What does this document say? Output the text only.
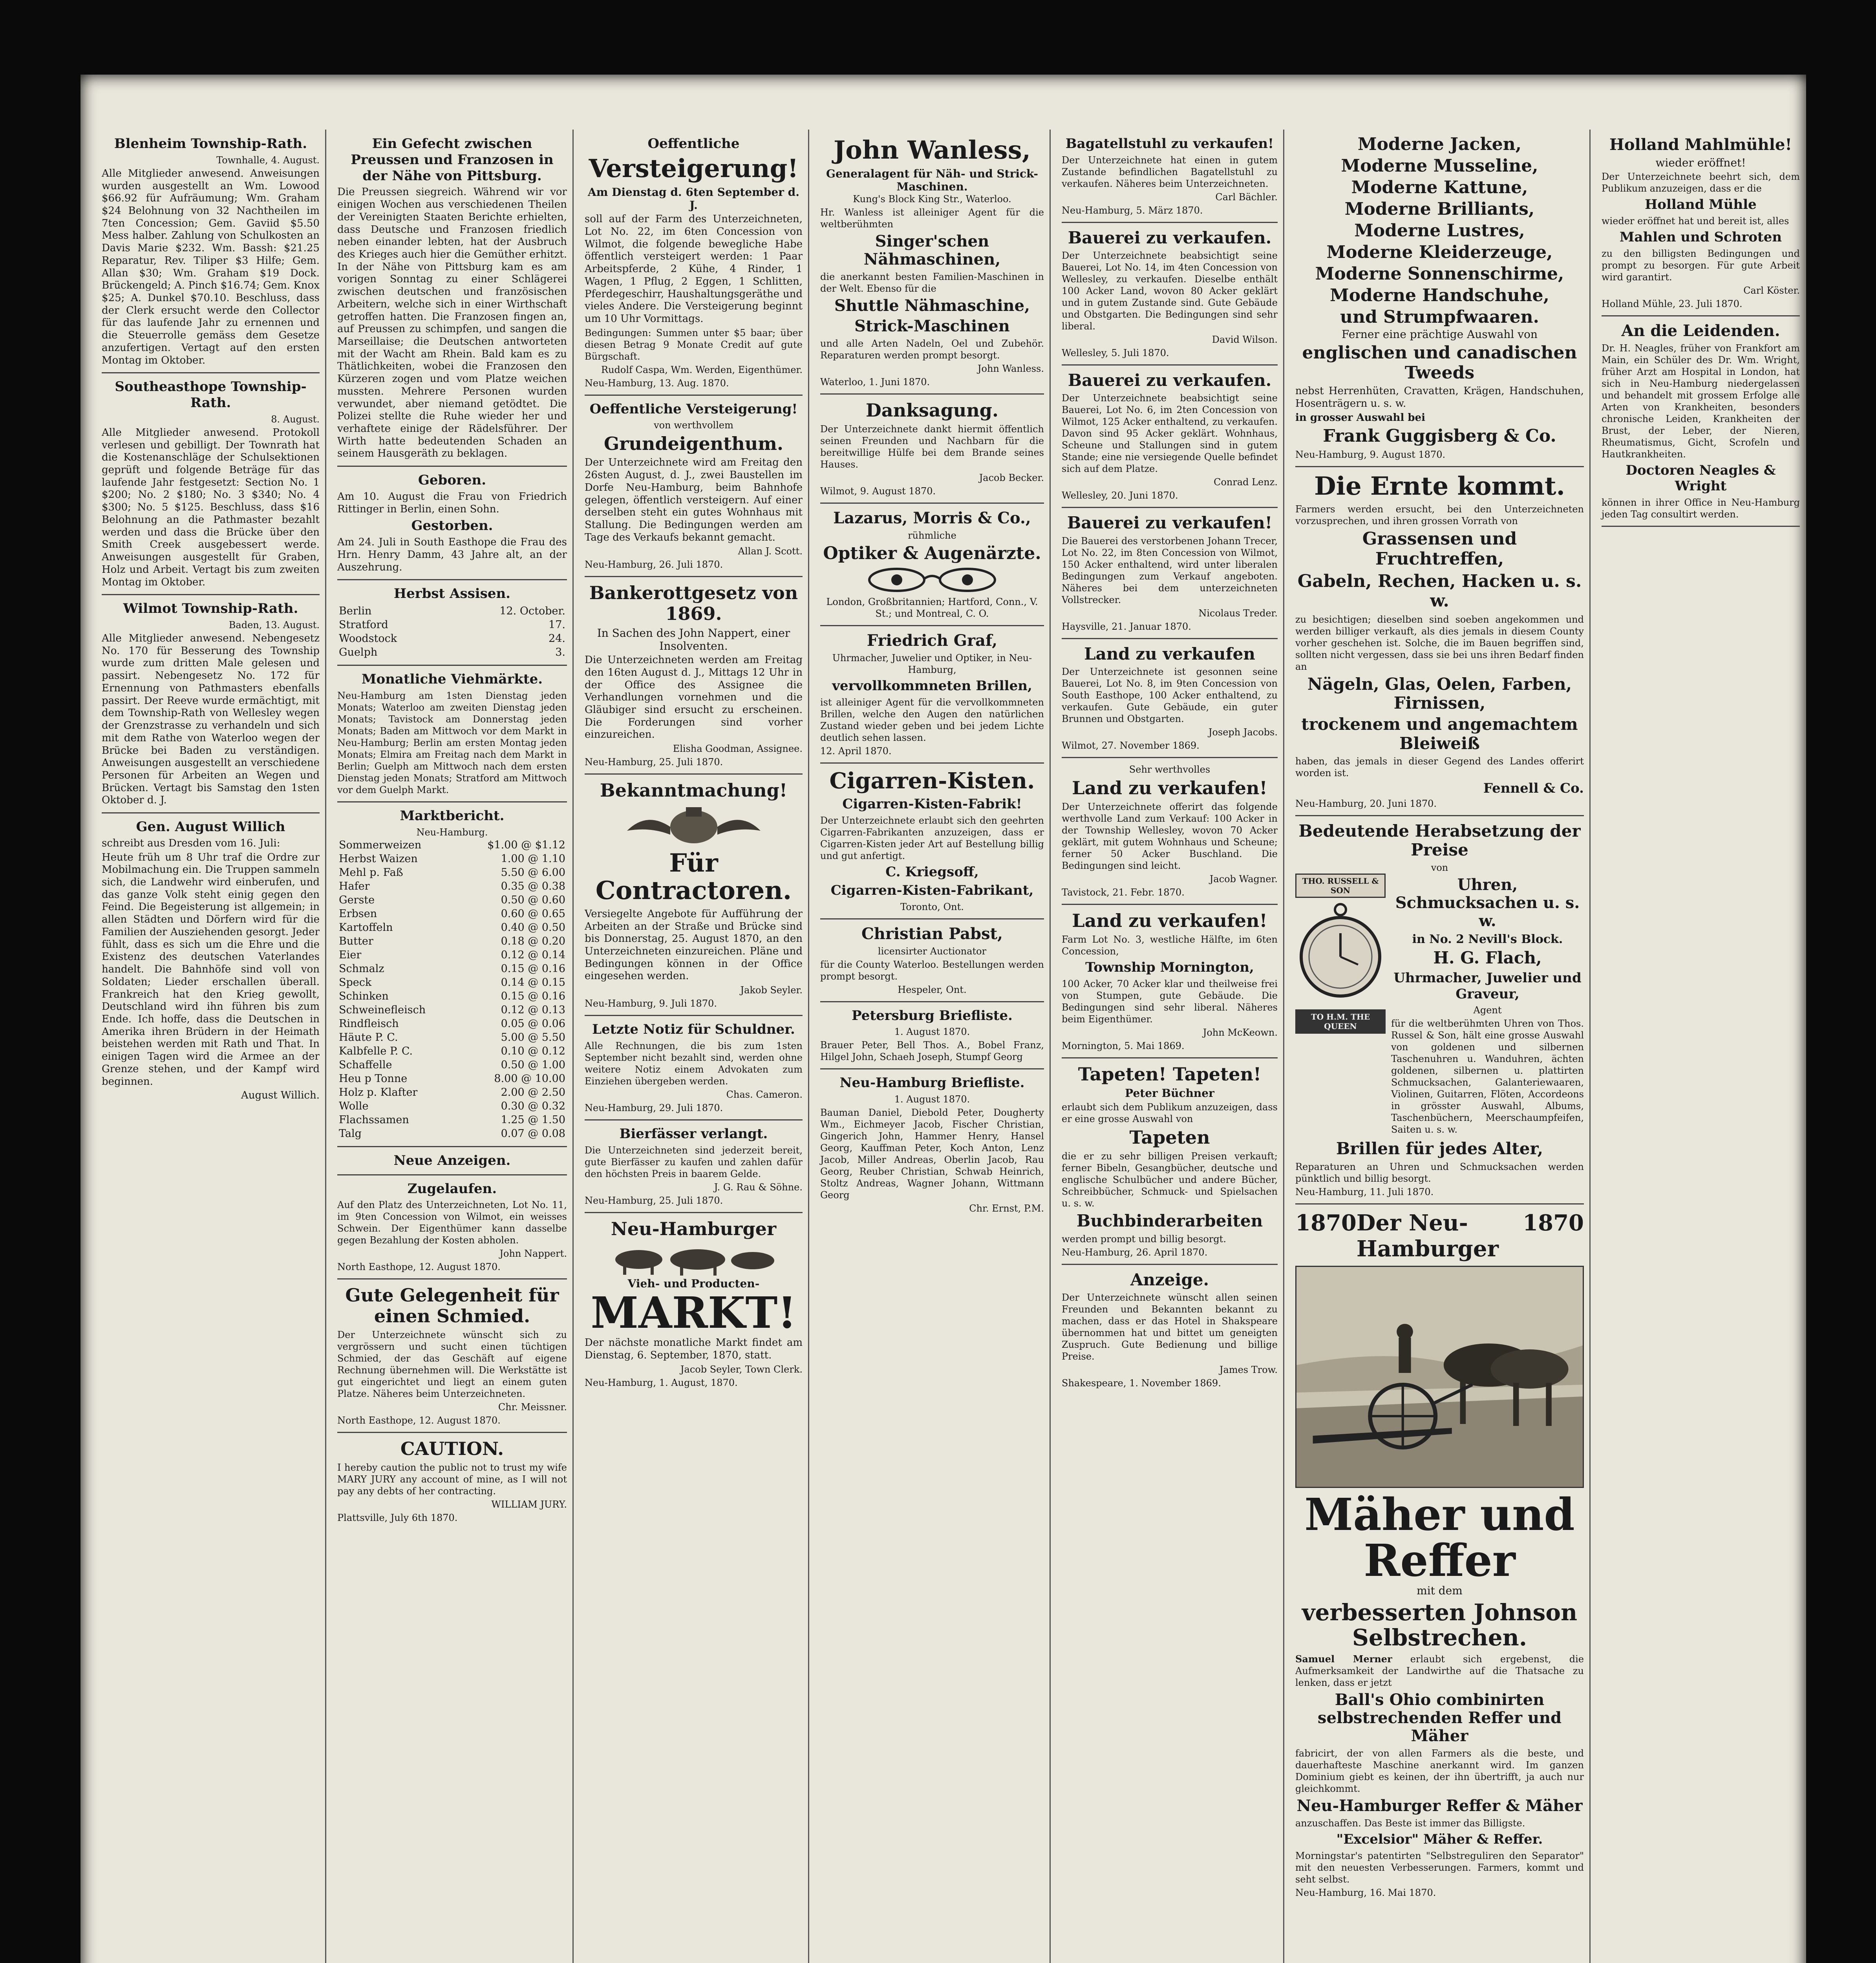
Blenheim Township-Rath.
Townhalle, 4. August.
Alle Mitglieder anwesend. Anweisungen wurden ausgestellt an Wm. Lowood $66.92 für Aufräumung; Wm. Graham $24 Belohnung von 32 Nachtheilen im 7ten Concession; Gem. Gaviid $5.50 Mess halber. Zahlung von Schulkosten an Davis Marie $232. Wm. Bassh: $21.25 Reparatur, Rev. Tiliper $3 Hilfe; Gem. Allan $30; Wm. Graham $19 Dock. Brückengeld; A. Pinch $16.74; Gem. Knox $25; A. Dunkel $70.10. Beschluss, dass der Clerk ersucht werde den Collector für das laufende Jahr zu ernennen und die Steuerrolle gemäss dem Gesetze anzufertigen. Vertagt auf den ersten Montag im Oktober.
Southeasthope Township-Rath.
8. August.
Alle Mitglieder anwesend. Protokoll verlesen und gebilligt. Der Townrath hat die Kostenanschläge der Schulsektionen geprüft und folgende Beträge für das laufende Jahr festgesetzt: Section No. 1 $200; No. 2 $180; No. 3 $340; No. 4 $300; No. 5 $125. Beschluss, dass $16 Belohnung an die Pathmaster bezahlt werden und dass die Brücke über den Smith Creek ausgebessert werde. Anweisungen ausgestellt für Graben, Holz und Arbeit. Vertagt bis zum zweiten Montag im Oktober.
Wilmot Township-Rath.
Baden, 13. August.
Alle Mitglieder anwesend. Nebengesetz No. 170 für Besserung des Township wurde zum dritten Male gelesen und passirt. Nebengesetz No. 172 für Ernennung von Pathmasters ebenfalls passirt. Der Reeve wurde ermächtigt, mit dem Township-Rath von Wellesley wegen der Grenzstrasse zu verhandeln und sich mit dem Rathe von Waterloo wegen der Brücke bei Baden zu verständigen. Anweisungen ausgestellt an verschiedene Personen für Arbeiten an Wegen und Brücken. Vertagt bis Samstag den 1sten Oktober d. J.
Gen. August Willich
schreibt aus Dresden vom 16. Juli:
Heute früh um 8 Uhr traf die Ordre zur Mobilmachung ein. Die Truppen sammeln sich, die Landwehr wird einberufen, und das ganze Volk steht einig gegen den Feind. Die Begeisterung ist allgemein; in allen Städten und Dörfern wird für die Familien der Ausziehenden gesorgt. Jeder fühlt, dass es sich um die Ehre und die Existenz des deutschen Vaterlandes handelt. Die Bahnhöfe sind voll von Soldaten; Lieder erschallen überall. Frankreich hat den Krieg gewollt, Deutschland wird ihn führen bis zum Ende. Ich hoffe, dass die Deutschen in Amerika ihren Brüdern in der Heimath beistehen werden mit Rath und That. In einigen Tagen wird die Armee an der Grenze stehen, und der Kampf wird beginnen.
August Willich.
Ein Gefecht zwischen Preussen und Franzosen in der Nähe von Pittsburg.
Die Preussen siegreich. Während wir vor einigen Wochen aus verschiedenen Theilen der Vereinigten Staaten Berichte erhielten, dass Deutsche und Franzosen friedlich neben einander lebten, hat der Ausbruch des Krieges auch hier die Gemüther erhitzt. In der Nähe von Pittsburg kam es am vorigen Sonntag zu einer Schlägerei zwischen deutschen und französischen Arbeitern, welche sich in einer Wirthschaft getroffen hatten. Die Franzosen fingen an, auf Preussen zu schimpfen, und sangen die Marseillaise; die Deutschen antworteten mit der Wacht am Rhein. Bald kam es zu Thätlichkeiten, wobei die Franzosen den Kürzeren zogen und vom Platze weichen mussten. Mehrere Personen wurden verwundet, aber niemand getödtet. Die Polizei stellte die Ruhe wieder her und verhaftete einige der Rädelsführer. Der Wirth hatte bedeutenden Schaden an seinem Hausgeräth zu beklagen.
Geboren.
Am 10. August die Frau von Friedrich Rittinger in Berlin, einen Sohn.
Gestorben.
Am 24. Juli in South Easthope die Frau des Hrn. Henry Damm, 43 Jahre alt, an der Auszehrung.
Herbst Assisen.
Berlin	12. October.
Stratford	17.
Woodstock	24.
Guelph	3.
Monatliche Viehmärkte.
Neu-Hamburg am 1sten Dienstag jeden Monats; Waterloo am zweiten Dienstag jeden Monats; Tavistock am Donnerstag jeden Monats; Baden am Mittwoch vor dem Markt in Neu-Hamburg; Berlin am ersten Montag jeden Monats; Elmira am Freitag nach dem Markt in Berlin; Guelph am Mittwoch nach dem ersten Dienstag jeden Monats; Stratford am Mittwoch vor dem Guelph Markt.
Marktbericht.
Neu-Hamburg.
Sommerweizen	$1.00 @ $1.12
Herbst Waizen	1.00 @ 1.10
Mehl p. Faß	5.50 @ 6.00
Hafer	0.35 @ 0.38
Gerste	0.50 @ 0.60
Erbsen	0.60 @ 0.65
Kartoffeln	0.40 @ 0.50
Butter	0.18 @ 0.20
Eier	0.12 @ 0.14
Schmalz	0.15 @ 0.16
Speck	0.14 @ 0.15
Schinken	0.15 @ 0.16
Schweinefleisch	0.12 @ 0.13
Rindfleisch	0.05 @ 0.06
Häute P. C.	5.00 @ 5.50
Kalbfelle P. C.	0.10 @ 0.12
Schaffelle	0.50 @ 1.00
Heu p Tonne	8.00 @ 10.00
Holz p. Klafter	2.00 @ 2.50
Wolle	0.30 @ 0.32
Flachssamen	1.25 @ 1.50
Talg	0.07 @ 0.08
Neue Anzeigen.
Zugelaufen.
Auf den Platz des Unterzeichneten, Lot No. 11, im 9ten Concession von Wilmot, ein weisses Schwein. Der Eigenthümer kann dasselbe gegen Bezahlung der Kosten abholen.
John Nappert.
North Easthope, 12. August 1870.
Gute Gelegenheit für einen Schmied.
Der Unterzeichnete wünscht sich zu vergrössern und sucht einen tüchtigen Schmied, der das Geschäft auf eigene Rechnung übernehmen will. Die Werkstätte ist gut eingerichtet und liegt an einem guten Platze. Näheres beim Unterzeichneten.
Chr. Meissner.
North Easthope, 12. August 1870.
CAUTION.
I hereby caution the public not to trust my wife MARY JURY any account of mine, as I will not pay any debts of her contracting.
WILLIAM JURY.
Plattsville, July 6th 1870.
Oeffentliche
Versteigerung!
Am Dienstag d. 6ten September d. J.
soll auf der Farm des Unterzeichneten, Lot No. 22, im 6ten Concession von Wilmot, die folgende bewegliche Habe öffentlich versteigert werden: 1 Paar Arbeitspferde, 2 Kühe, 4 Rinder, 1 Wagen, 1 Pflug, 2 Eggen, 1 Schlitten, Pferdegeschirr, Haushaltungsgeräthe und vieles Andere. Die Versteigerung beginnt um 10 Uhr Vormittags.
Bedingungen: Summen unter $5 baar; über diesen Betrag 9 Monate Credit auf gute Bürgschaft.
Rudolf Caspa, Wm. Werden, Eigenthümer.
Neu-Hamburg, 13. Aug. 1870.
Oeffentliche Versteigerung!
von werthvollem
Grundeigenthum.
Der Unterzeichnete wird am Freitag den 26sten August, d. J., zwei Baustellen im Dorfe Neu-Hamburg, beim Bahnhofe gelegen, öffentlich versteigern. Auf einer derselben steht ein gutes Wohnhaus mit Stallung. Die Bedingungen werden am Tage des Verkaufs bekannt gemacht.
Allan J. Scott.
Neu-Hamburg, 26. Juli 1870.
Bankerottgesetz von 1869.
In Sachen des John Nappert, einer Insolventen.
Die Unterzeichneten werden am Freitag den 16ten August d. J., Mittags 12 Uhr in der Office des Assignee die Verhandlungen vornehmen und die Gläubiger sind ersucht zu erscheinen. Die Forderungen sind vorher einzureichen.
Elisha Goodman, Assignee.
Neu-Hamburg, 25. Juli 1870.
Bekanntmachung!
Für Contractoren.
Versiegelte Angebote für Aufführung der Arbeiten an der Straße und Brücke sind bis Donnerstag, 25. August 1870, an den Unterzeichneten einzureichen. Pläne und Bedingungen können in der Office eingesehen werden.
Jakob Seyler.
Neu-Hamburg, 9. Juli 1870.
Letzte Notiz für Schuldner.
Alle Rechnungen, die bis zum 1sten September nicht bezahlt sind, werden ohne weitere Notiz einem Advokaten zum Einziehen übergeben werden.
Chas. Cameron.
Neu-Hamburg, 29. Juli 1870.
Bierfässer verlangt.
Die Unterzeichneten sind jederzeit bereit, gute Bierfässer zu kaufen und zahlen dafür den höchsten Preis in baarem Gelde.
J. G. Rau & Söhne.
Neu-Hamburg, 25. Juli 1870.
Neu-Hamburger
Vieh- und Producten-
MARKT!
Der nächste monatliche Markt findet am Dienstag, 6. September, 1870, statt.
Jacob Seyler, Town Clerk.
Neu-Hamburg, 1. August, 1870.
John Wanless,
Generalagent für Näh- und Strick-Maschinen.
Kung's Block King Str., Waterloo.
Hr. Wanless ist alleiniger Agent für die weltberühmten
Singer'schen Nähmaschinen,
die anerkannt besten Familien-Maschinen in der Welt. Ebenso für die
Shuttle Nähmaschine,
Strick-Maschinen
und alle Arten Nadeln, Oel und Zubehör. Reparaturen werden prompt besorgt.
John Wanless.
Waterloo, 1. Juni 1870.
Danksagung.
Der Unterzeichnete dankt hiermit öffentlich seinen Freunden und Nachbarn für die bereitwillige Hülfe bei dem Brande seines Hauses.
Jacob Becker.
Wilmot, 9. August 1870.
Lazarus, Morris & Co.,
rühmliche
Optiker & Augenärzte.
London, Großbritannien; Hartford, Conn., V. St.; und Montreal, C. O.
Friedrich Graf,
Uhrmacher, Juwelier und Optiker, in Neu-Hamburg,
vervollkommneten Brillen,
ist alleiniger Agent für die vervollkommneten Brillen, welche den Augen den natürlichen Zustand wieder geben und bei jedem Lichte deutlich sehen lassen.
12. April 1870.
Cigarren-Kisten.
Cigarren-Kisten-Fabrik!
Der Unterzeichnete erlaubt sich den geehrten Cigarren-Fabrikanten anzuzeigen, dass er Cigarren-Kisten jeder Art auf Bestellung billig und gut anfertigt.
C. Kriegsoff,
Cigarren-Kisten-Fabrikant,
Toronto, Ont.
Christian Pabst,
licensirter Auctionator
für die County Waterloo. Bestellungen werden prompt besorgt.
Hespeler, Ont.
Petersburg Briefliste.
1. August 1870.
Brauer Peter, Bell Thos. A., Bobel Franz, Hilgel John, Schaeh Joseph, Stumpf Georg
Neu-Hamburg Briefliste.
1. August 1870.
Bauman Daniel, Diebold Peter, Dougherty Wm., Eichmeyer Jacob, Fischer Christian, Gingerich John, Hammer Henry, Hansel Georg, Kauffman Peter, Koch Anton, Lenz Jacob, Miller Andreas, Oberlin Jacob, Rau Georg, Reuber Christian, Schwab Heinrich, Stoltz Andreas, Wagner Johann, Wittmann Georg
Chr. Ernst, P.M.
Bagatellstuhl zu verkaufen!
Der Unterzeichnete hat einen in gutem Zustande befindlichen Bagatellstuhl zu verkaufen. Näheres beim Unterzeichneten.
Carl Bächler.
Neu-Hamburg, 5. März 1870.
Bauerei zu verkaufen.
Der Unterzeichnete beabsichtigt seine Bauerei, Lot No. 14, im 4ten Concession von Wellesley, zu verkaufen. Dieselbe enthält 100 Acker Land, wovon 80 Acker geklärt und in gutem Zustande sind. Gute Gebäude und Obstgarten. Die Bedingungen sind sehr liberal.
David Wilson.
Wellesley, 5. Juli 1870.
Bauerei zu verkaufen.
Der Unterzeichnete beabsichtigt seine Bauerei, Lot No. 6, im 2ten Concession von Wilmot, 125 Acker enthaltend, zu verkaufen. Davon sind 95 Acker geklärt. Wohnhaus, Scheune und Stallungen sind in gutem Stande; eine nie versiegende Quelle befindet sich auf dem Platze.
Conrad Lenz.
Wellesley, 20. Juni 1870.
Bauerei zu verkaufen!
Die Bauerei des verstorbenen Johann Trecer, Lot No. 22, im 8ten Concession von Wilmot, 150 Acker enthaltend, wird unter liberalen Bedingungen zum Verkauf angeboten. Näheres bei dem unterzeichneten Vollstrecker.
Nicolaus Treder.
Haysville, 21. Januar 1870.
Land zu verkaufen
Der Unterzeichnete ist gesonnen seine Bauerei, Lot No. 8, im 9ten Concession von South Easthope, 100 Acker enthaltend, zu verkaufen. Gute Gebäude, ein guter Brunnen und Obstgarten.
Joseph Jacobs.
Wilmot, 27. November 1869.
Sehr werthvolles
Land zu verkaufen!
Der Unterzeichnete offerirt das folgende werthvolle Land zum Verkauf: 100 Acker in der Township Wellesley, wovon 70 Acker geklärt, mit gutem Wohnhaus und Scheune; ferner 50 Acker Buschland. Die Bedingungen sind leicht.
Jacob Wagner.
Tavistock, 21. Febr. 1870.
Land zu verkaufen!
Farm Lot No. 3, westliche Hälfte, im 6ten Concession,
Township Mornington,
100 Acker, 70 Acker klar und theilweise frei von Stumpen, gute Gebäude. Die Bedingungen sind sehr liberal. Näheres beim Eigenthümer.
John McKeown.
Mornington, 5. Mai 1869.
Tapeten! Tapeten!
Peter Büchner
erlaubt sich dem Publikum anzuzeigen, dass er eine grosse Auswahl von
Tapeten
die er zu sehr billigen Preisen verkauft; ferner Bibeln, Gesangbücher, deutsche und englische Schulbücher und andere Bücher, Schreibbücher, Schmuck- und Spielsachen u. s. w.
Buchbinderarbeiten
werden prompt und billig besorgt.
Neu-Hamburg, 26. April 1870.
Anzeige.
Der Unterzeichnete wünscht allen seinen Freunden und Bekannten bekannt zu machen, dass er das Hotel in Shakspeare übernommen hat und bittet um geneigten Zuspruch. Gute Bedienung und billige Preise.
James Trow.
Shakespeare, 1. November 1869.
Moderne Jacken,
Moderne Musseline,
Moderne Kattune,
Moderne Brilliants,
Moderne Lustres,
Moderne Kleiderzeuge,
Moderne Sonnenschirme,
Moderne Handschuhe,
und Strumpfwaaren.
Ferner eine prächtige Auswahl von
englischen und canadischen Tweeds
nebst Herrenhüten, Cravatten, Krägen, Handschuhen, Hosenträgern u. s. w.
in grosser Auswahl bei
Frank Guggisberg & Co.
Neu-Hamburg, 9. August 1870.
Die Ernte kommt.
Farmers werden ersucht, bei den Unterzeichneten vorzusprechen, und ihren grossen Vorrath von
Grassensen und Fruchtreffen,
Gabeln, Rechen, Hacken u. s. w.
zu besichtigen; dieselben sind soeben angekommen und werden billiger verkauft, als dies jemals in diesem County vorher geschehen ist. Solche, die im Bauen begriffen sind, sollten nicht vergessen, dass sie bei uns ihren Bedarf finden an
Nägeln, Glas, Oelen, Farben, Firnissen,
trockenem und angemachtem Bleiweiß
haben, das jemals in dieser Gegend des Landes offerirt worden ist.
Fennell & Co.
Neu-Hamburg, 20. Juni 1870.
Bedeutende Herabsetzung der Preise
von
THO. RUSSELL & SON
TO H.M. THE QUEEN
Uhren, Schmucksachen u. s. w.
in No. 2 Nevill's Block.
H. G. Flach,
Uhrmacher, Juwelier und Graveur,
Agent
für die weltberühmten Uhren von Thos. Russel & Son, hält eine grosse Auswahl von goldenen und silbernen Taschenuhren u. Wanduhren, ächten goldenen, silbernen u. plattirten Schmucksachen, Galanteriewaaren, Violinen, Guitarren, Flöten, Accordeons in grösster Auswahl, Albums, Taschenbüchern, Meerschaumpfeifen, Saiten u. s. w.
Brillen für jedes Alter,
Reparaturen an Uhren und Schmucksachen werden pünktlich und billig besorgt.
Neu-Hamburg, 11. Juli 1870.
1870 Der Neu-Hamburger
1870
Mäher und Reffer
mit dem
verbesserten Johnson Selbstrechen.
Samuel Merner erlaubt sich ergebenst, die Aufmerksamkeit der Landwirthe auf die Thatsache zu lenken, dass er jetzt
Ball's Ohio combinirten selbstrechenden Reffer und Mäher
fabricirt, der von allen Farmers als die beste, und dauerhafteste Maschine anerkannt wird. Im ganzen Dominium giebt es keinen, der ihn übertrifft, ja auch nur gleichkommt.
Neu-Hamburger Reffer & Mäher
anzuschaffen. Das Beste ist immer das Billigste.
"Excelsior" Mäher & Reffer.
Morningstar's patentirten "Selbstreguliren den Separator" mit den neuesten Verbesserungen. Farmers, kommt und seht selbst.
Neu-Hamburg, 16. Mai 1870.
Holland Mahlmühle!
wieder eröffnet!
Der Unterzeichnete beehrt sich, dem Publikum anzuzeigen, dass er die
Holland Mühle
wieder eröffnet hat und bereit ist, alles
Mahlen und Schroten
zu den billigsten Bedingungen und prompt zu besorgen. Für gute Arbeit wird garantirt.
Carl Köster.
Holland Mühle, 23. Juli 1870.
An die Leidenden.
Dr. H. Neagles, früher von Frankfort am Main, ein Schüler des Dr. Wm. Wright, früher Arzt am Hospital in London, hat sich in Neu-Hamburg niedergelassen und behandelt mit grossem Erfolge alle Arten von Krankheiten, besonders chronische Leiden, Krankheiten der Brust, der Leber, der Nieren, Rheumatismus, Gicht, Scrofeln und Hautkrankheiten.
Doctoren Neagles & Wright
können in ihrer Office in Neu-Hamburg jeden Tag consultirt werden.
